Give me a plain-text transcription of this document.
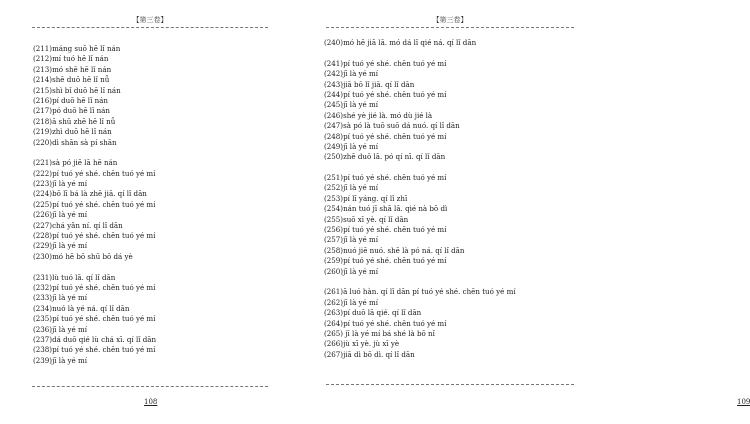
【第三卷】
(211)máng suō hē lǐ nán
(212)mí tuó hē lǐ nán
(213)mó shē hē lǐ nán
(214)shē duō hē lǐ nǚ
(215)shì bǐ duō hē lǐ nán
(216)pí duō hē lǐ nán
(217)pó duō hē lǐ nán
(218)ā shū zhē hē lǐ nǚ
(219)zhì duō hē lǐ nán
(220)dì shān sà pí shān
(221)sà pó jiē lā hē nán
(222)pí tuó yé shé. chēn tuó yé mí
(223)jī là yé mí
(224)bō lī bá là zhē jiā. qí lǐ dān
(225)pí tuó yé shé. chēn tuó yé mí
(226)jī là yé mí
(227)chá yǎn ní. qí lǐ dān
(228)pí tuó yé shé. chēn tuó yé mí
(229)jī là yé mí
(230)mó hē bō shū bō dá yè
(231)lù tuó lā. qí lǐ dān
(232)pí tuó yé shé. chēn tuó yé mí
(233)jī là yé mí
(234)nuó là yé ná. qí lǐ dān
(235)pí tuó yé shé. chēn tuó yé mí
(236)jī là yé mí
(237)dá duō qié lù chá xī. qí lǐ dān
(238)pí tuó yé shé. chēn tuó yé mí
(239)jī là yé mí
108
【第三卷】
(240)mó hē jiā lā. mó dá lǐ qié ná. qí lǐ dān
(241)pí tuó yé shé. chēn tuó yé mí
(242)jī là yé mí
(243)jiā bō lǐ jiā. qí lǐ dān
(244)pí tuó yé shé. chēn tuó yé mí
(245)jī là yé mí
(246)shé yè jié là. mó dù jié là
(247)sà pó là tuō suō dá nuó. qí lǐ dān
(248)pí tuó yé shé. chēn tuó yé mí
(249)jī là yé mí
(250)zhē duō lā. pó qí nī. qí lǐ dān
(251)pí tuó yé shé. chēn tuó yé mí
(252)jī là yé mí
(253)pí lī yáng. qí lǐ zhī
(254)nán tuó jī shā lā. qié nà bō dì
(255)suō xī yè. qí lǐ dān
(256)pí tuó yé shé. chēn tuó yé mí
(257)jī là yé mí
(258)nuó jiē nuó. shē là pó ná. qí lǐ dān
(259)pí tuó yé shé. chēn tuó yé mí
(260)jī là yé mí
(261)ā luó hàn. qí lǐ dān pí tuó yé shé. chēn tuó yé mí
(262)jī là yé mí
(263)pí duō lā qié. qí lǐ dān
(264)pí tuó yé shé. chēn tuó yé mí
(265) jī là yé mí bá shé là bō nǐ
(266)jù xī yè. jù xī yè
(267)jiā dì bō dì. qí lǐ dān
109
